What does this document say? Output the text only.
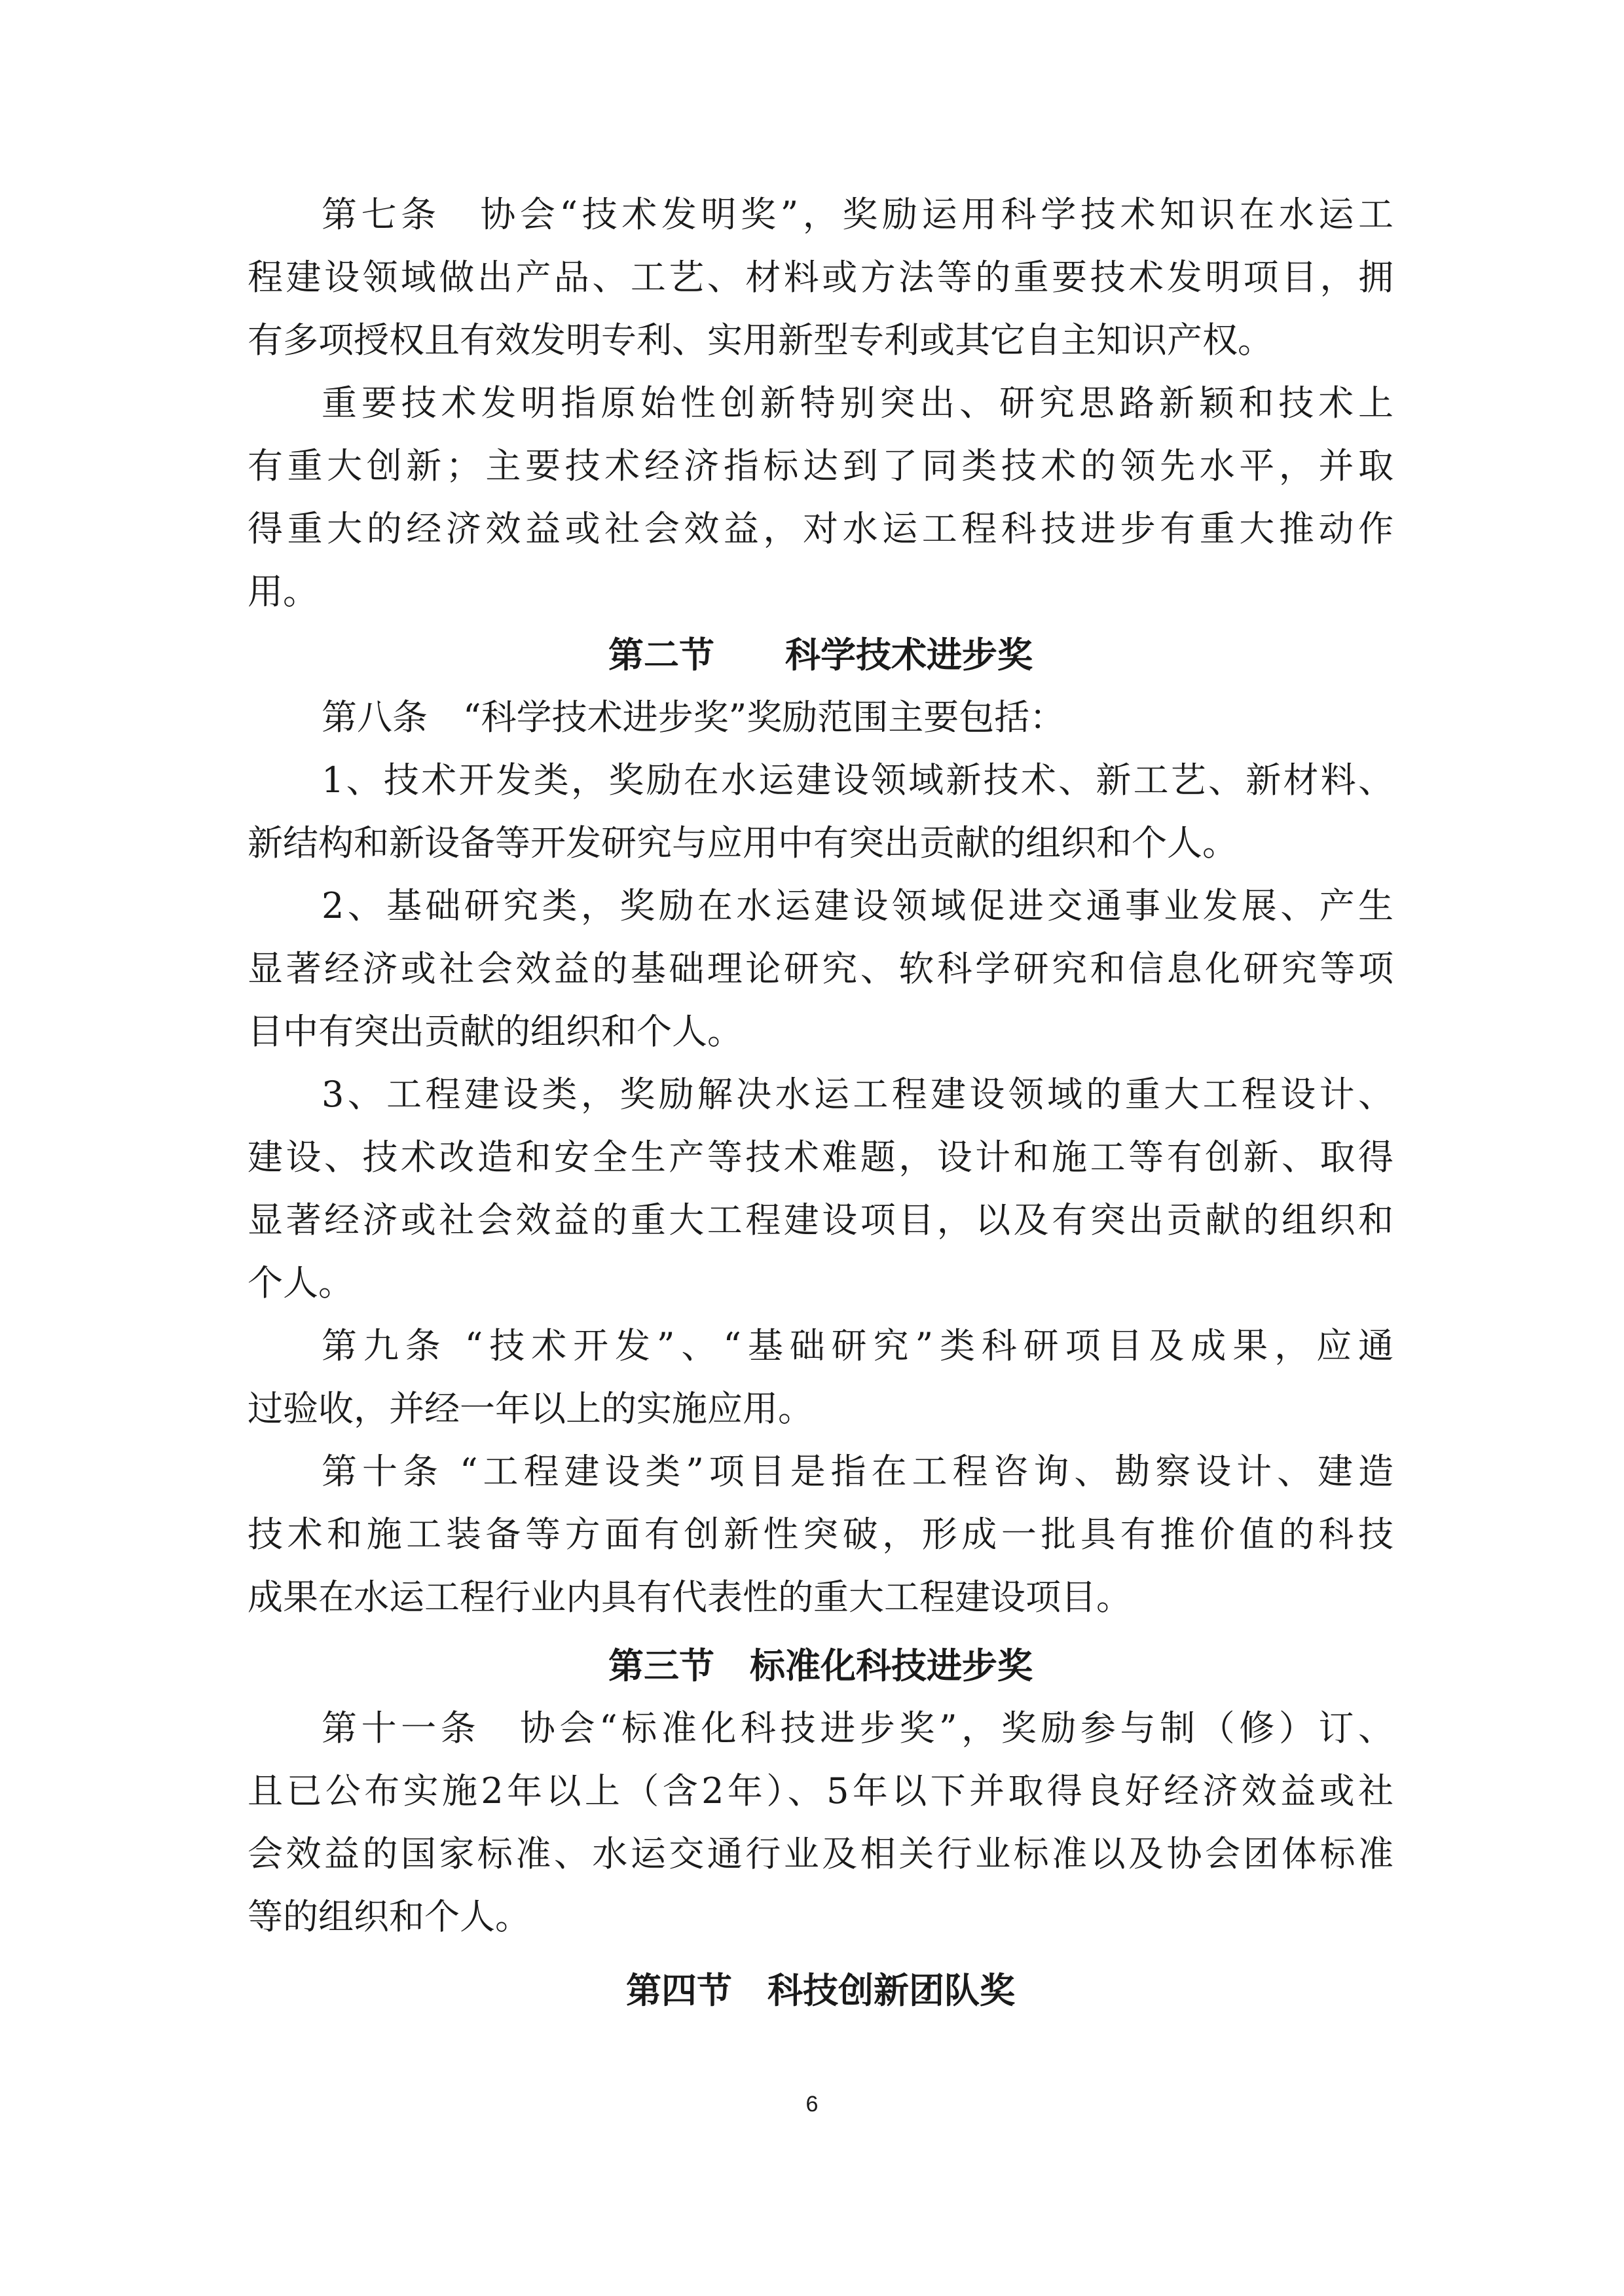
第七条　协会“技术发明奖”，奖励运用科学技术知识在水运工
程建设领域做出产品、工艺、材料或方法等的重要技术发明项目，拥
有多项授权且有效发明专利、实用新型专利或其它自主知识产权。
重要技术发明指原始性创新特别突出、研究思路新颖和技术上
有重大创新；主要技术经济指标达到了同类技术的领先水平，并取
得重大的经济效益或社会效益，对水运工程科技进步有重大推动作
用。
第二节　　科学技术进步奖
第八条　“科学技术进步奖”奖励范围主要包括：
1、技术开发类，奖励在水运建设领域新技术、新工艺、新材料、
新结构和新设备等开发研究与应用中有突出贡献的组织和个人。
2、基础研究类，奖励在水运建设领域促进交通事业发展、产生
显著经济或社会效益的基础理论研究、软科学研究和信息化研究等项
目中有突出贡献的组织和个人。
3、工程建设类，奖励解决水运工程建设领域的重大工程设计、
建设、技术改造和安全生产等技术难题，设计和施工等有创新、取得
显著经济或社会效益的重大工程建设项目，以及有突出贡献的组织和
个人。
第九条 “技术开发”、“基础研究”类科研项目及成果，应通
过验收，并经一年以上的实施应用。
第十条 “工程建设类”项目是指在工程咨询、勘察设计、建造
技术和施工装备等方面有创新性突破，形成一批具有推价值的科技
成果在水运工程行业内具有代表性的重大工程建设项目。
第三节　标准化科技进步奖
第十一条　协会“标准化科技进步奖”，奖励参与制（修）订、
且已公布实施2年以上（含2年）、5年以下并取得良好经济效益或社
会效益的国家标准、水运交通行业及相关行业标准以及协会团体标准
等的组织和个人。
第四节　科技创新团队奖
6
